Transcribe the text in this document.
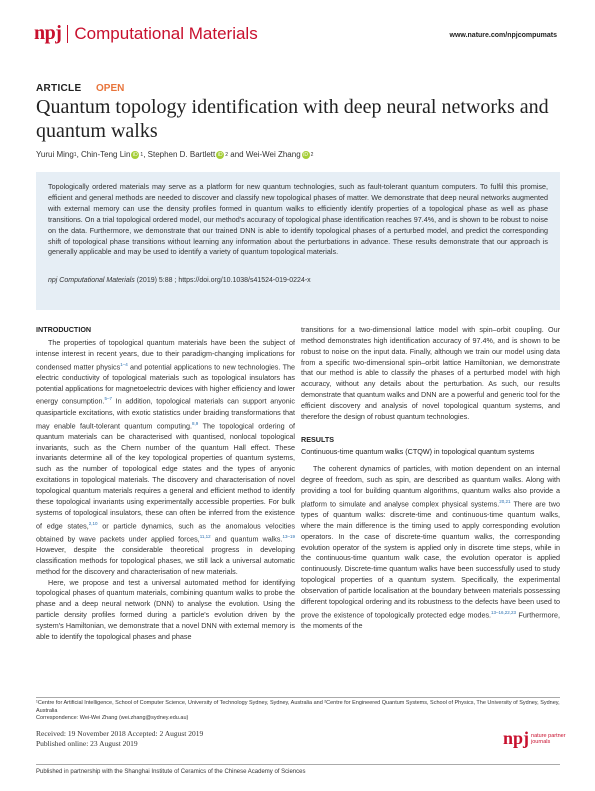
npj Computational Materials	www.nature.com/npjcompumats
ARTICLE OPEN
Quantum topology identification with deep neural networks and quantum walks
Yurui Ming 1 , Chin-Teng Lin iD 1 , Stephen D. Bartlett iD 2
and Wei-Wei Zhang iD 2
Topologically ordered materials may serve as a platform for new quantum technologies, such as fault-tolerant quantum computers. To fulfil this promise, efficient and general methods are needed to discover and classify new topological phases of matter. We demonstrate that deep neural networks augmented with external memory can use the density profiles formed in quantum walks to efficiently identify properties of a topological phase as well as phase transitions. On a trial topological ordered model, our method's accuracy of topological phase identification reaches 97.4%, and is shown to be robust to noise on the data. Furthermore, we demonstrate that our trained DNN is able to identify topological phases of a perturbed model, and predict the corresponding shift of topological phase transitions without learning any information about the perturbations in advance. These results demonstrate that our approach is generally applicable and may be used to identify a variety of quantum topological materials.
npj Computational Materials (2019) 5:88 ; https://doi.org/10.1038/s41524-019-0224-x
INTRODUCTION

The properties of topological quantum materials have been the subject of intense interest in recent years, due to their paradigm-changing implications for condensed matter physics$^{1-4}$ and potential applications to new technologies. The electric conductivity of topological materials such as topological insulators has potential applications for magnetoelectric devices with higher efficiency and lower energy consumption.$^{5-7}$ In addition, topological materials can support anyonic quasiparticle excitations, with exotic statistics under braiding transformations that may enable fault-tolerant quantum computing.$^{8,9}$ The topological ordering of quantum materials can be characterised with quantised, nonlocal topological invariants, such as the Chern number of the quantum Hall effect. These invariants determine all of the key topological properties of quantum systems, such as the number of topological edge states and the types of anyonic excitations in topological materials. The discovery and characterisation of novel topological quantum materials requires a general and efficient method to identify these topological invariants using experimentally accessible properties. For bulk systems of topological insulators, these can often be inferred from the existence of edge states,$^{2,10}$ or particle dynamics, such as the anomalous velocities obtained by wave packets under applied forces,$^{11,12}$ and quantum walks.$^{13-19}$ However, despite the considerable theoretical progress in developing classification methods for topological phases, we still lack a universal automatic method for the discovery and characterisation of new materials.

Here, we propose and test a universal automated method for identifying topological phases of quantum materials, combining quantum walks to probe the phase and a deep neural network (DNN) to analyse the evolution. Using the particle density profiles formed during a particle's evolution driven by the system's Hamiltonian, we demonstrate that a novel DNN with external memory is able to identify the topological phases and phase

transitions for a two-dimensional lattice model with spin–orbit coupling. Our method demonstrates high identification accuracy of 97.4%, and is shown to be robust to noise on the input data. Finally, although we train our model using data from a specific two-dimensional spin–orbit lattice Hamiltonian, we demonstrate that our method is able to classify the phases of a perturbed model with high accuracy, without any details about the perturbation. As such, our results demonstrate that quantum walks and DNN are a powerful and generic tool for the efficient discovery and analysis of novel topological quantum systems, and therefore the design of robust quantum technologies.

RESULTS
Continuous-time quantum walks (CTQW) in topological quantum systems

The coherent dynamics of particles, with motion dependent on an internal degree of freedom, such as spin, are described as quantum walks. Along with providing a tool for building quantum algorithms, quantum walks also provide a platform to simulate and analyse complex physical systems.$^{20,21}$ There are two types of quantum walks: discrete-time and continuous-time quantum walks, where the main difference is the timing used to apply corresponding evolution operators. In the case of discrete-time quantum walks, the corresponding evolution operator of the system is applied only in discrete time steps, while in the continuous-time quantum walk case, the evolution operator is applied continuously. Discrete-time quantum walks have been successfully used to study topological properties of a quantum system. Specifically, the experimental observation of particle localisation at the boundary between materials possessing different topological ordering and its robustness to the defects have been used to prove the existence of topologically protected edge modes.$^{13-16,22,23}$ Furthermore, the moments of the

¹Centre for Artificial Intelligence, School of Computer Science, University of Technology Sydney, Sydney, Australia and ²Centre for Engineered Quantum Systems, School of Physics, The University of Sydney, Sydney, Australia
Correspondence: Wei-Wei Zhang (wei.zhang@sydney.edu.au)
Received: 19 November 2018 Accepted: 2 August 2019
Published online: 23 August 2019	npj nature partner
journals
Published in partnership with the Shanghai Institute of Ceramics of the Chinese Academy of Sciences
